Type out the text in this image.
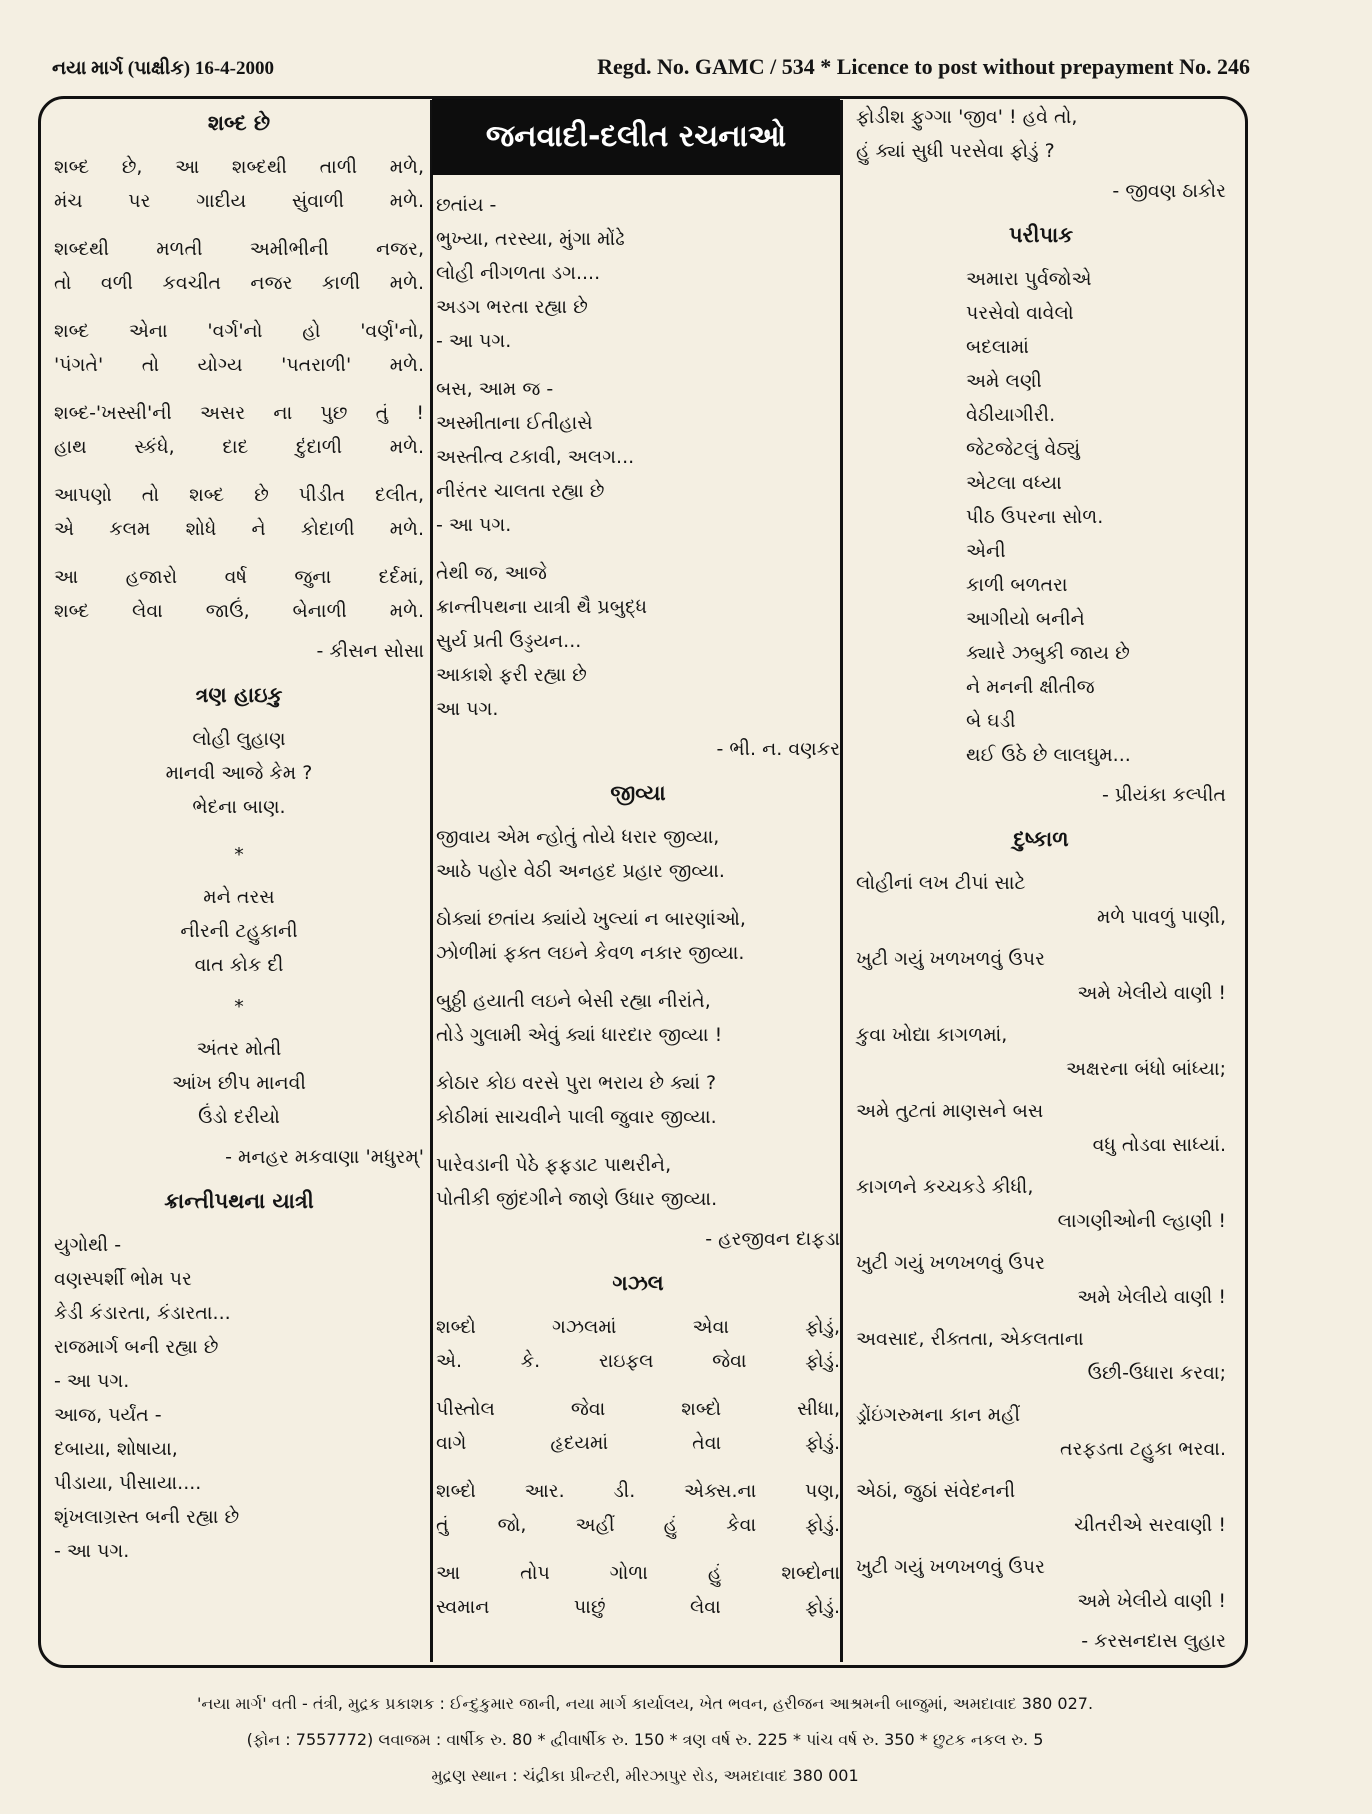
નયા માર્ગ (પાક્ષીક) 16-4-2000	Regd. No. GAMC / 534 * Licence to post without prepayment No. 246
જનવાદી-દલીત રચનાઓ
શબ્દ છે
શબ્દ છે, આ શબ્દથી તાળી મળે,
મંચ પર ગાદીય સુંવાળી મળે.
શબ્દથી મળતી અમીભીની નજર,
તો વળી કવચીત નજર કાળી મળે.
શબ્દ એના 'વર્ગ'નો હો 'વર્ણ'નો,
'પંગતે' તો યોગ્ય 'પતરાળી' મળે.
શબ્દ-'ખસ્સી'ની અસર ના પુછ તું !
હાથ સ્કંધે, દાદ દુંદાળી મળે.
આપણો તો શબ્દ છે પીડીત દલીત,
એ કલમ શોધે ને કોદાળી મળે.
આ હજારો વર્ષ જુના દર્દમાં,
શબ્દ લેવા જાઉં, બેનાળી મળે.
- કીસન સોસા
ત્રણ હાઇકુ
લોહી લુહાણ
માનવી આજે કેમ ?
ભેદના બાણ.
*
મને તરસ
નીરની ટહુકાની
વાત કોક દી
*
અંતર મોતી
આંખ છીપ માનવી
ઉંડો દરીયો
- મનહર મકવાણા 'મધુરમ્'
ક્રાન્તીપથના યાત્રી
યુગોથી -
વણસ્પર્શી ભોમ પર
કેડી કંડારતા, કંડારતા...
રાજમાર્ગ બની રહ્યા છે
- આ પગ.
આજ, પર્યંત -
દબાયા, શોષાયા,
પીડાયા, પીસાયા....
શૃંખલાગ્રસ્ત બની રહ્યા છે
- આ પગ.
છતાંય -
ભુખ્યા, તરસ્યા, મુંગા મોંઢે
લોહી નીગળતા ડગ....
અડગ ભરતા રહ્યા છે
- આ પગ.
બસ, આમ જ -
અસ્મીતાના ઈતીહાસે
અસ્તીત્વ ટકાવી, અલગ...
નીરંતર ચાલતા રહ્યા છે
- આ પગ.
તેથી જ, આજે
ક્રાન્તીપથના યાત્રી થૈ પ્રબુદ્ધ
સુર્ય પ્રતી ઉડ્ડયન...
આકાશે ફરી રહ્યા છે
આ પગ.
- ભી. ન. વણકર
જીવ્યા
જીવાય એમ ન્હોતું તોયે ધરાર જીવ્યા,
આઠે પહોર વેઠી અનહદ પ્રહાર જીવ્યા.
ઠોક્યાં છતાંય ક્યાંયે ખુલ્યાં ન બારણાંઓ,
ઝોળીમાં ફક્ત લઇને કેવળ નકાર જીવ્યા.
બુઠ્ઠી હયાતી લઇને બેસી રહ્યા નીરાંતે,
તોડે ગુલામી એવું ક્યાં ધારદાર જીવ્યા !
કોઠાર કોઇ વરસે પુરા ભરાય છે ક્યાં ?
કોઠીમાં સાચવીને પાલી જુવાર જીવ્યા.
પારેવડાની પેઠે ફફડાટ પાથરીને,
પોતીકી જીંદગીને જાણે ઉધાર જીવ્યા.
- હરજીવન દાફડા
ગઝલ
શબ્દો ગઝલમાં એવા ફોડું,
એ. કે. રાઇફલ જેવા ફોડું.
પીસ્તોલ જેવા શબ્દો સીધા,
વાગે હૃદયમાં તેવા ફોડું.
શબ્દો આર. ડી. એક્સ.ના પણ,
તું જો, અહીં હું કેવા ફોડું.
આ તોપ ગોળા હું શબ્દોના
સ્વમાન પાછું લેવા ફોડું.
ફોડીશ ફુગ્ગા 'જીવ' ! હવે તો,
હું ક્યાં સુધી પરસેવા ફોડું ?
- જીવણ ઠાકોર
પરીપાક
અમારા પુર્વજોએ
પરસેવો વાવેલો
બદલામાં
અમે લણી
વેઠીયાગીરી.
જેટજેટલું વેઠ્યું
એટલા વધ્યા
પીઠ ઉપરના સોળ.
એની
કાળી બળતરા
આગીયો બનીને
ક્યારે ઝબુકી જાય છે
ને મનની ક્ષીતીજ
બે ઘડી
થઈ ઉઠે છે લાલઘુમ...
- પ્રીયંકા કલ્પીત
દુષ્કાળ
લોહીનાં લખ ટીપાં સાટે
મળે પાવળું પાણી,
ખુટી ગયું ખળખળવું ઉપર
અમે ખેલીયે વાણી !
કુવા ખોદ્યા કાગળમાં,
અક્ષરના બંધો બાંધ્યા;
અમે તુટતાં માણસને બસ
વધુ તોડવા સાધ્યાં.
કાગળને કચ્ચકડે કીધી,
લાગણીઓની લ્હાણી !
ખુટી ગયું ખળખળવું ઉપર
અમે ખેલીયે વાણી !
અવસાદ, રીક્તતા, એકલતાના
ઉછી-ઉધારા કરવા;
ડ્રોંઇંગરુમના કાન મહીં
તરફડતા ટહુકા ભરવા.
એઠાં, જુઠાં સંવેદનની
ચીતરીએ સરવાણી !
ખુટી ગયું ખળખળવું ઉપર
અમે ખેલીયે વાણી !
- કરસનદાસ લુહાર
'નયા માર્ગ' વતી - તંત્રી, મુદ્રક પ્રકાશક : ઈન્દુકુમાર જાની, નયા માર્ગ કાર્યાલય, ખેત ભવન, હરીજન આશ્રમની બાજુમાં, અમદાવાદ 380 027.
(ફોન : 7557772) લવાજમ : વાર્ષીક રુ. 80 * દ્વીવાર્ષીક રુ. 150 * ત્રણ વર્ષ રુ. 225 * પાંચ વર્ષ રુ. 350 * છુટક નકલ રુ. 5
મુદ્રણ સ્થાન : ચંદ્રીકા પ્રીન્ટરી, મીરઝાપુર રોડ, અમદાવાદ 380 001
